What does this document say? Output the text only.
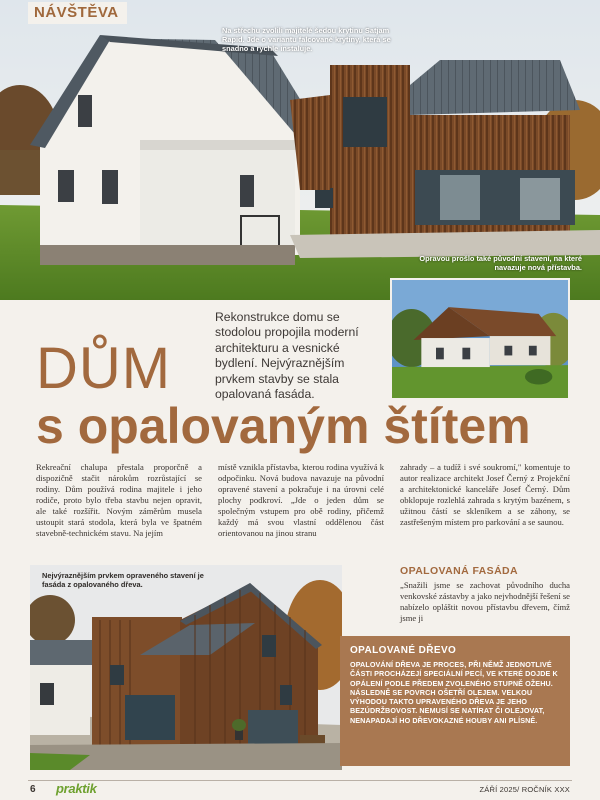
NÁVŠTĚVA
Na střechu zvolili majitelé šedou krytinu Satjam Rapid. Jde o variantu falcované krytiny, která se snadno a rychle instaluje.
Opravou prošlo také původní stavení, na které navazuje nová přístavba.

Rekonstrukce domu se stodolou propojila moderní architekturu a vesnické bydlení. Nejvýraznějším prvkem stavby se stala opalovaná fasáda.

DŮM
s opalovaným štítem

Rekreační chalupa přestala proporčně a dispozičně stačit nárokům rozrůstající se rodiny. Dům používá rodina majitele i jeho rodiče, proto bylo třeba stavbu nejen opravit, ale také rozšířit. Novým záměrům musela ustoupit stará stodola, která byla ve špatném stavebně-technickém stavu. Na jejím

místě vznikla přístavba, kterou rodina využívá k odpočinku. Nová budova navazuje na původní opravené stavení a pokračuje i na úrovni celé plochy podkroví. „Jde o jeden dům se společným vstupem pro obě rodiny, přičemž každý má svou vlastní oddělenou část orientovanou na jinou stranu

zahrady – a tudíž i své soukromí," komentuje to autor realizace architekt Josef Černý z Projekční a architektonické kanceláře Josef Černý. Dům obklopuje rozlehlá zahrada s krytým bazénem, s užitnou částí se skleníkem a se záhony, se zastřešeným místem pro parkování a se saunou.

OPALOVANÁ FASÁDA

„Snažili jsme se zachovat původního ducha venkovské zástavby a jako nejvhodnější řešení se nabízelo opláštit novou přístavbu dřevem, čímž jsme ji

Nejvýraznějším prvkem opraveného stavení je fasáda z opalovaného dřeva.
OPALOVANÉ DŘEVO
OPALOVÁNÍ DŘEVA JE PROCES, PŘI NĚMŽ JEDNOTLIVÉ ČÁSTI PROCHÁZEJÍ SPECIÁLNÍ PECÍ, VE KTERÉ DOJDE K OPÁLENÍ PODLE PŘEDEM ZVOLENÉHO STUPNĚ OŽEHU. NÁSLEDNĚ SE POVRCH OŠETŘÍ OLEJEM. VELKOU VÝHODOU TAKTO UPRAVENÉHO DŘEVA JE JEHO BEZÚDRŽBOVOST. NEMUSÍ SE NATÍRAT ČI OLEJOVAT, NENAPADAJÍ HO DŘEVOKAZNÉ HOUBY ANI PLÍSNĚ.
6 praktik	ZÁŘÍ 2025/ ROČNÍK XXX
